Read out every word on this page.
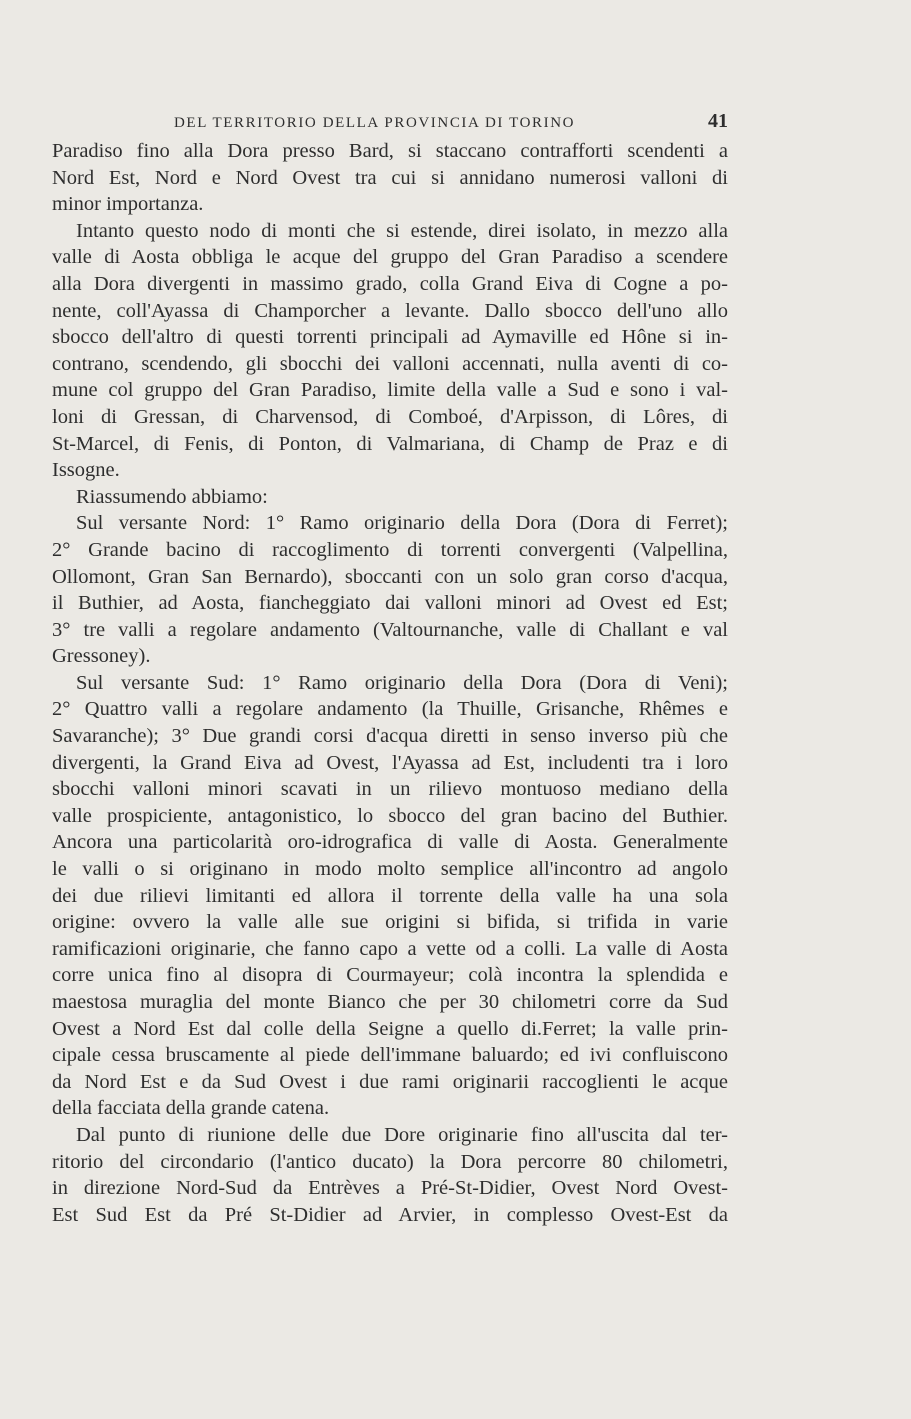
DEL TERRITORIO DELLA PROVINCIA DI TORINO	41

Paradiso fino alla Dora presso Bard, si staccano contrafforti scendenti a

Nord Est, Nord e Nord Ovest tra cui si annidano numerosi valloni di

minor importanza.

Intanto questo nodo di monti che si estende, direi isolato, in mezzo alla

valle di Aosta obbliga le acque del gruppo del Gran Paradiso a scendere

alla Dora divergenti in massimo grado, colla Grand Eiva di Cogne a po-

nente, coll'Ayassa di Champorcher a levante. Dallo sbocco dell'uno allo

sbocco dell'altro di questi torrenti principali ad Aymaville ed Hône si in-

contrano, scendendo, gli sbocchi dei valloni accennati, nulla aventi di co-

mune col gruppo del Gran Paradiso, limite della valle a Sud e sono i val-

loni di Gressan, di Charvensod, di Comboé, d'Arpisson, di Lôres, di

St-Marcel, di Fenis, di Ponton, di Valmariana, di Champ de Praz e di

Issogne.

Riassumendo abbiamo:

Sul versante Nord: 1° Ramo originario della Dora (Dora di Ferret);

2° Grande bacino di raccoglimento di torrenti convergenti (Valpellina,

Ollomont, Gran San Bernardo), sboccanti con un solo gran corso d'acqua,

il Buthier, ad Aosta, fiancheggiato dai valloni minori ad Ovest ed Est;

3° tre valli a regolare andamento (Valtournanche, valle di Challant e val

Gressoney).

Sul versante Sud: 1° Ramo originario della Dora (Dora di Veni);

2° Quattro valli a regolare andamento (la Thuille, Grisanche, Rhêmes e

Savaranche); 3° Due grandi corsi d'acqua diretti in senso inverso più che

divergenti, la Grand Eiva ad Ovest, l'Ayassa ad Est, includenti tra i loro

sbocchi valloni minori scavati in un rilievo montuoso mediano della

valle prospiciente, antagonistico, lo sbocco del gran bacino del Buthier.

Ancora una particolarità oro-idrografica di valle di Aosta. Generalmente

le valli o si originano in modo molto semplice all'incontro ad angolo

dei due rilievi limitanti ed allora il torrente della valle ha una sola

origine: ovvero la valle alle sue origini si bifida, si trifida in varie

ramificazioni originarie, che fanno capo a vette od a colli. La valle di Aosta

corre unica fino al disopra di Courmayeur; colà incontra la splendida e

maestosa muraglia del monte Bianco che per 30 chilometri corre da Sud

Ovest a Nord Est dal colle della Seigne a quello di.Ferret; la valle prin-

cipale cessa bruscamente al piede dell'immane baluardo; ed ivi confluiscono

da Nord Est e da Sud Ovest i due rami originarii raccoglienti le acque

della facciata della grande catena.

Dal punto di riunione delle due Dore originarie fino all'uscita dal ter-

ritorio del circondario (l'antico ducato) la Dora percorre 80 chilometri,

in direzione Nord-Sud da Entrèves a Pré-St-Didier, Ovest Nord Ovest-

Est Sud Est da Pré St-Didier ad Arvier, in complesso Ovest-Est da
